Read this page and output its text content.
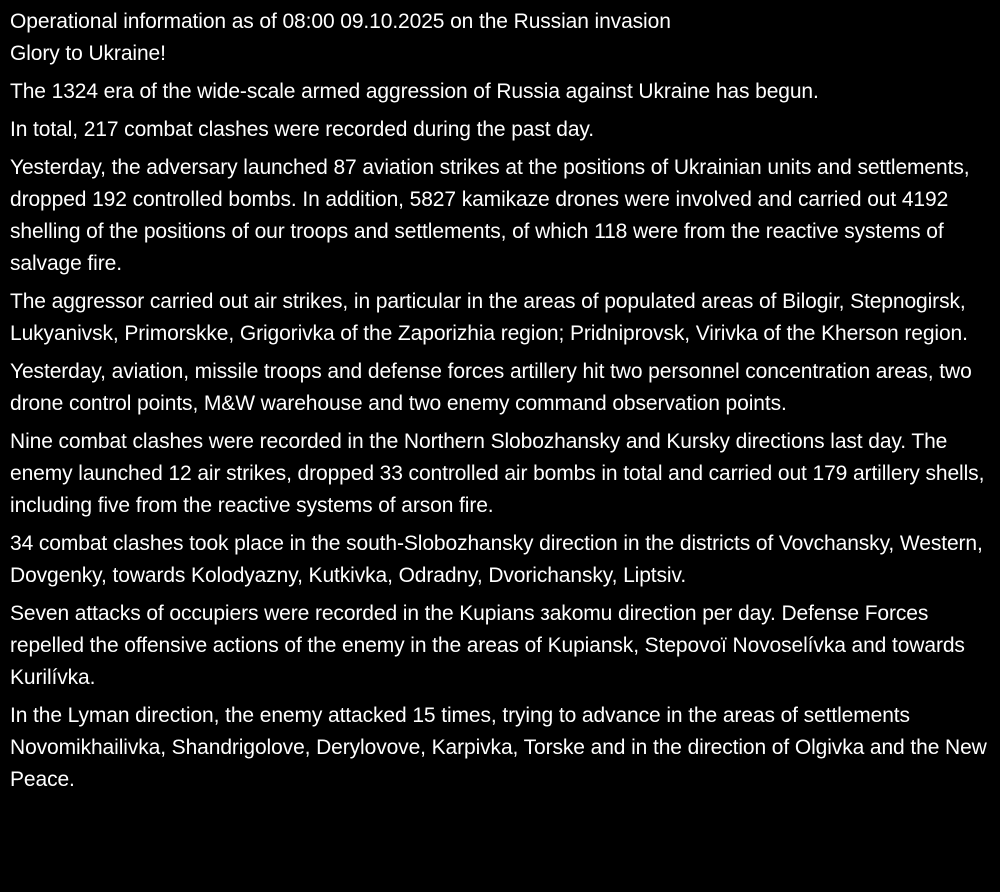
Operational information as of 08:00 09.10.2025 on the Russian invasion

Glory to Ukraine!

The 1324 era of the wide-scale armed aggression of Russia against Ukraine has begun.

In total, 217 combat clashes were recorded during the past day.

Yesterday, the adversary launched 87 aviation strikes at the positions of Ukrainian units and settlements, dropped 192 controlled bombs. In addition, 5827 kamikaze drones were involved and carried out 4192 shelling of the positions of our troops and settlements, of which 118 were from the reactive systems of salvage fire.

The aggressor carried out air strikes, in particular in the areas of populated areas of Bilogir, Stepnogirsk, Lukyanivsk, Primorskke, Grigorivka of the Zaporizhia region; Pridniprovsk, Virivka of the Kherson region.

Yesterday, aviation, missile troops and defense forces artillery hit two personnel concentration areas, two drone control points, M&W warehouse and two enemy command observation points.

Nine combat clashes were recorded in the Northern Slobozhansky and Kursky directions last day. The enemy launched 12 air strikes, dropped 33 controlled air bombs in total and carried out 179 artillery shells, including five from the reactive systems of arson fire.

34 combat clashes took place in the south-Slobozhansky direction in the districts of Vovchansky, Western, Dovgenky, towards Kolodyazny, Kutkivka, Odradny, Dvorichansky, Liptsiv.

Seven attacks of occupiers were recorded in the Kupians зakomu direction per day. Defense Forces repelled the offensive actions of the enemy in the areas of Kupiansk, Stepovoї Novoselívka and towards Kurilívka.

In the Lyman direction, the enemy attacked 15 times, trying to advance in the areas of settlements Novomikhailivka, Shandrigolove, Derylovove, Karpivka, Torske and in the direction of Olgivka and the New Peace.
